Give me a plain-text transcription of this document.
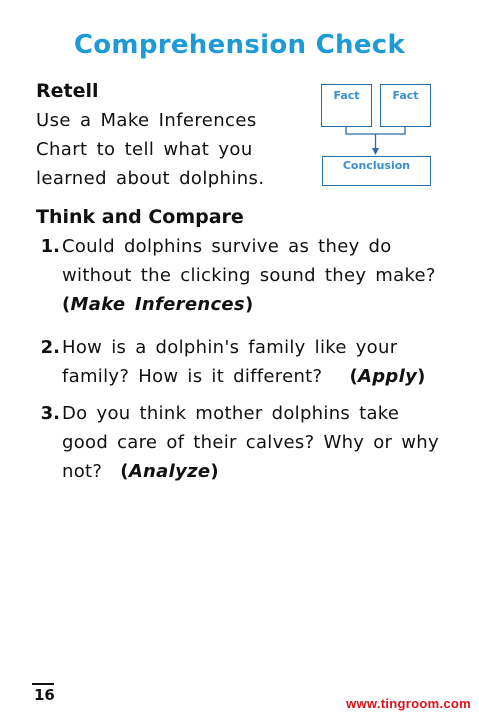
Comprehension Check
Retell
Use a Make Inferences
Chart to tell what you
learned about dolphins.
Fact	Fact
Conclusion
Think and Compare
1. Could dolphins survive as they do
without the clicking sound they make?
(Make Inferences)
2. How is a dolphin's family like your
family? How is it different? (Apply)
3. Do you think mother dolphins take
good care of their calves? Why or why
not? (Analyze)
16	www.tingroom.com
